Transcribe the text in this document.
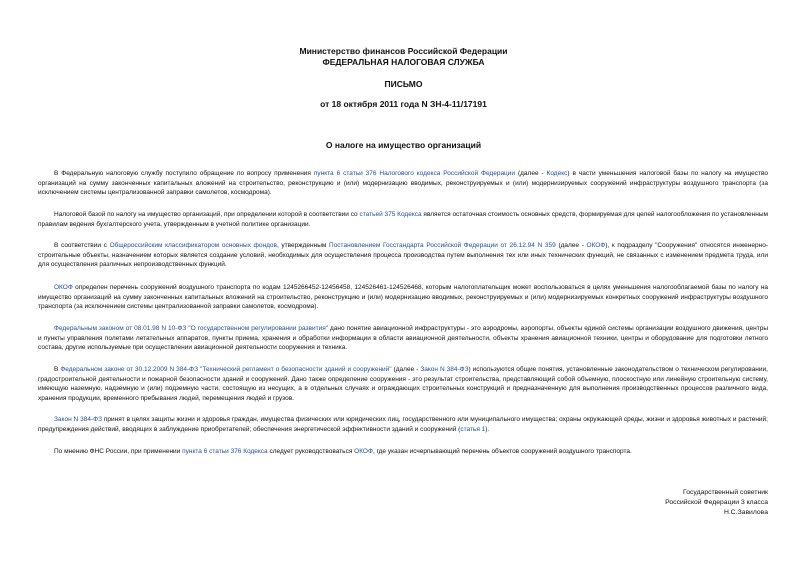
Министерство финансов Российской Федерации
ФЕДЕРАЛЬНАЯ НАЛОГОВАЯ СЛУЖБА
ПИСЬМО
от 18 октября 2011 года N ЗН-4-11/17191
О налоге на имущество организаций

В Федеральную налоговую службу поступило обращение по вопросу применения пункта 6 статьи 376 Налогового кодекса Российской Федерации (далее - Кодекс) в части уменьшения налоговой базы по налогу на имущество организаций на сумму законченных капитальных вложений на строительство, реконструкцию и (или) модернизацию вводимых, реконструируемых и (или) модернизируемых сооружений инфраструктуры воздушного транспорта (за исключением системы централизованной заправки самолетов, космодрома).

Налоговой базой по налогу на имущество организаций, при определении которой в соответствии со статьей 375 Кодекса является остаточная стоимость основных средств, формируемая для целей налогообложения по установленным правилам ведения бухгалтерского учета, утвержденным в учетной политике организации.

В соответствии с Общероссийским классификатором основных фондов, утвержденным Постановлением Госстандарта Российской Федерации от 26.12.94 N 359 (далее - ОКОФ), к подразделу "Сооружения" относятся инженерно-строительные объекты, назначением которых является создание условий, необходимых для осуществления процесса производства путем выполнения тех или иных технических функций, не связанных с изменением предмета труда, или для осуществления различных непроизводственных функций.

ОКОФ определен перечень сооружений воздушного транспорта по кодам 1245266452-12456458, 124526461-124526468, которым налогоплательщик может воспользоваться в целях уменьшения налогооблагаемой базы по налогу на имущество организаций на сумму законченных капитальных вложений на строительство, реконструкцию и (или) модернизацию вводимых, реконструируемых и (или) модернизируемых конкретных сооружений инфраструктуры воздушного транспорта (за исключением системы централизованной заправки самолетов, космодрома).

Федеральным законом от 08.01.98 N 10-ФЗ "О государственном регулировании развития" дано понятие авиационной инфраструктуры - это аэродромы, аэропорты, объекты единой системы организации воздушного движения, центры и пункты управления полетами летательных аппаратов, пункты приема, хранения и обработки информации в области авиационной деятельности, объекты хранения авиационной техники, центры и оборудование для подготовки летного состава, другие используемые при осуществлении авиационной деятельности сооружения и техника.

В Федеральном законе от 30.12.2009 N 384-ФЗ "Технический регламент о безопасности зданий и сооружений" (далее - Закон N 384-ФЗ) используются общие понятия, установленные законодательством о техническом регулировании, градостроительной деятельности и пожарной безопасности зданий и сооружений. Дано также определение сооружения - это результат строительства, представляющий собой объемную, плоскостную или линейную строительную систему, имеющую наземную, надземную и (или) подземную части, состоящую из несущих, а в отдельных случаях и ограждающих строительных конструкций и предназначенную для выполнения производственных процессов различного вида, хранения продукции, временного пребывания людей, перемещения людей и грузов.

Закон N 384-ФЗ принят в целях защиты жизни и здоровья граждан, имущества физических или юридических лиц, государственного или муниципального имущества; охраны окружающей среды, жизни и здоровья животных и растений; предупреждения действий, вводящих в заблуждение приобретателей; обеспечения энергетической эффективности зданий и сооружений (статья 1).

По мнению ФНС России, при применении пункта 6 статьи 376 Кодекса следует руководствоваться ОКОФ, где указан исчерпывающий перечень объектов сооружений воздушного транспорта.

Государственный советник
Российской Федерации 3 класса
Н.С.Завилова
